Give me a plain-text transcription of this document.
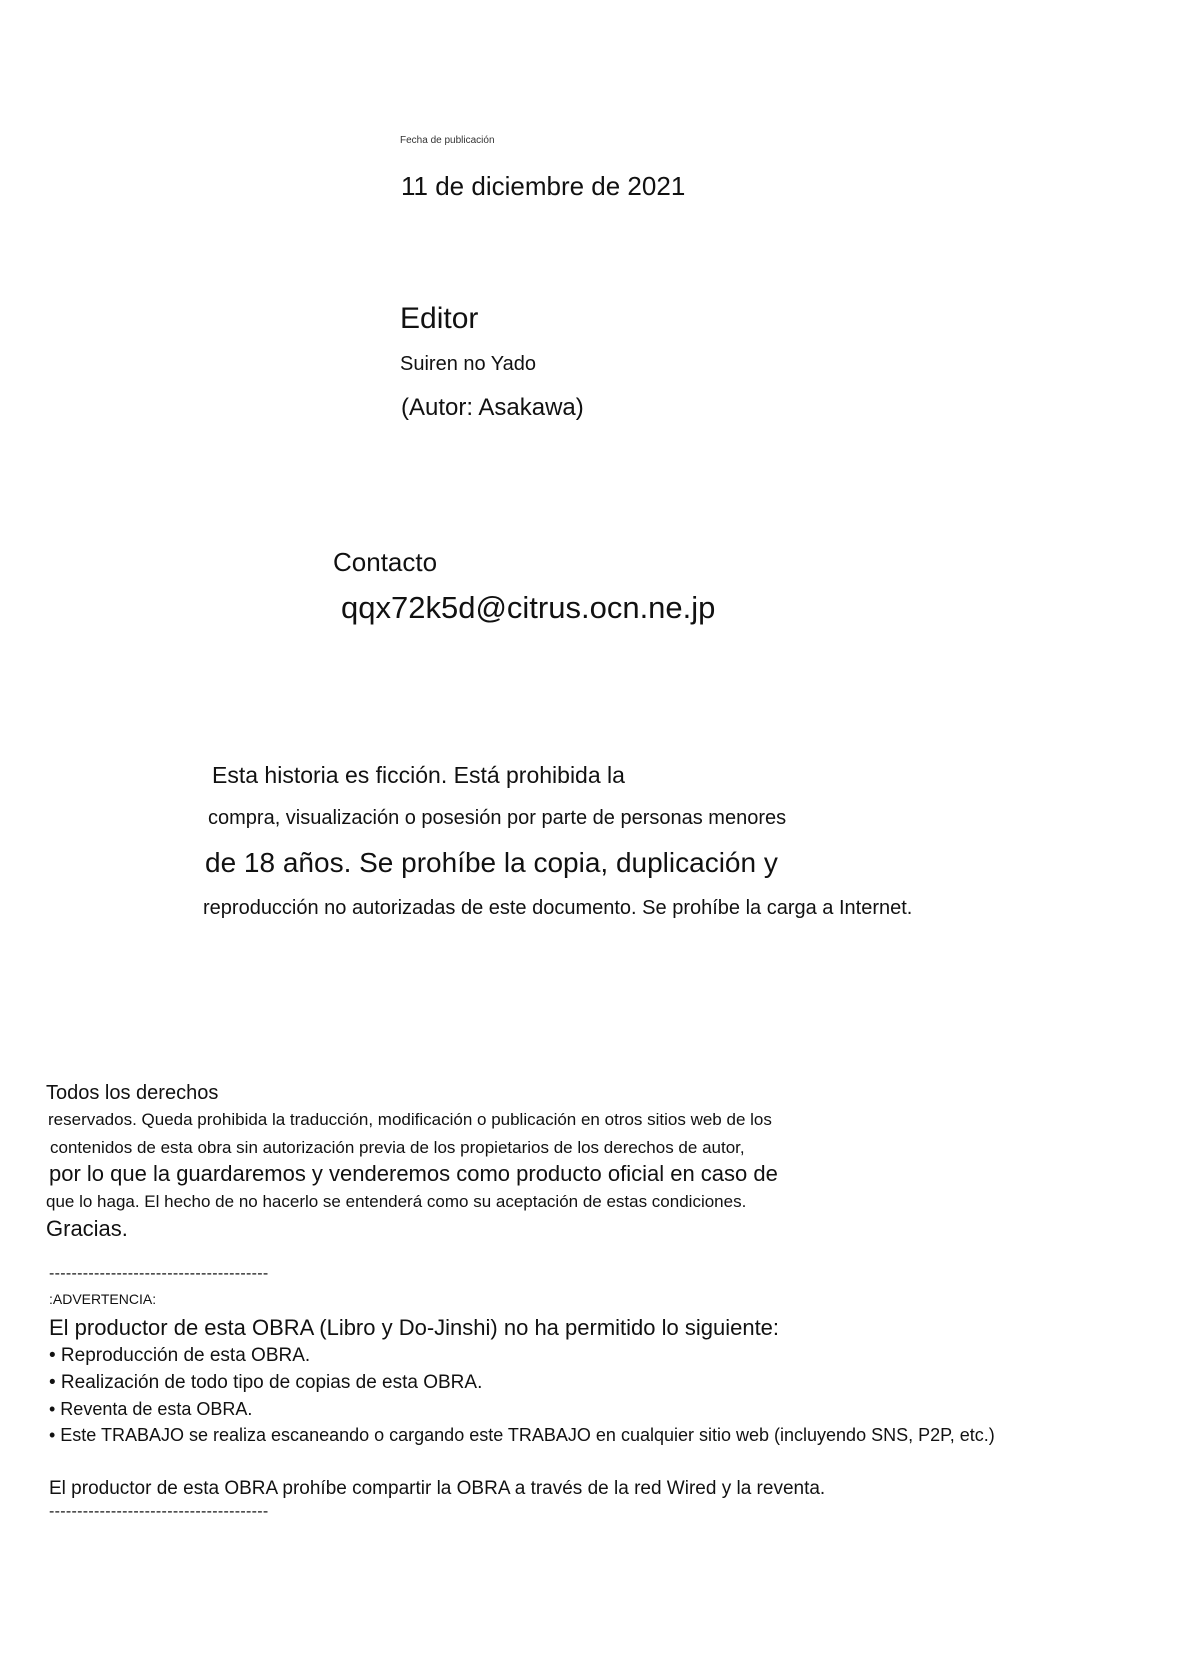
Fecha de publicación

11 de diciembre de 2021

Editor

Suiren no Yado

(Autor: Asakawa)

Contacto

qqx72k5d@citrus.ocn.ne.jp

Esta historia es ficción. Está prohibida la

compra, visualización o posesión por parte de personas menores

de 18 años. Se prohíbe la copia, duplicación y

reproducción no autorizadas de este documento. Se prohíbe la carga a Internet.

Todos los derechos

reservados. Queda prohibida la traducción, modificación o publicación en otros sitios web de los

contenidos de esta obra sin autorización previa de los propietarios de los derechos de autor,

por lo que la guardaremos y venderemos como producto oficial en caso de

que lo haga. El hecho de no hacerlo se entenderá como su aceptación de estas condiciones.

Gracias.

---------------------------------------

:ADVERTENCIA:

El productor de esta OBRA (Libro y Do-Jinshi) no ha permitido lo siguiente:

• Reproducción de esta OBRA.

• Realización de todo tipo de copias de esta OBRA.

• Reventa de esta OBRA.

• Este TRABAJO se realiza escaneando o cargando este TRABAJO en cualquier sitio web (incluyendo SNS, P2P, etc.)

El productor de esta OBRA prohíbe compartir la OBRA a través de la red Wired y la reventa.

---------------------------------------
